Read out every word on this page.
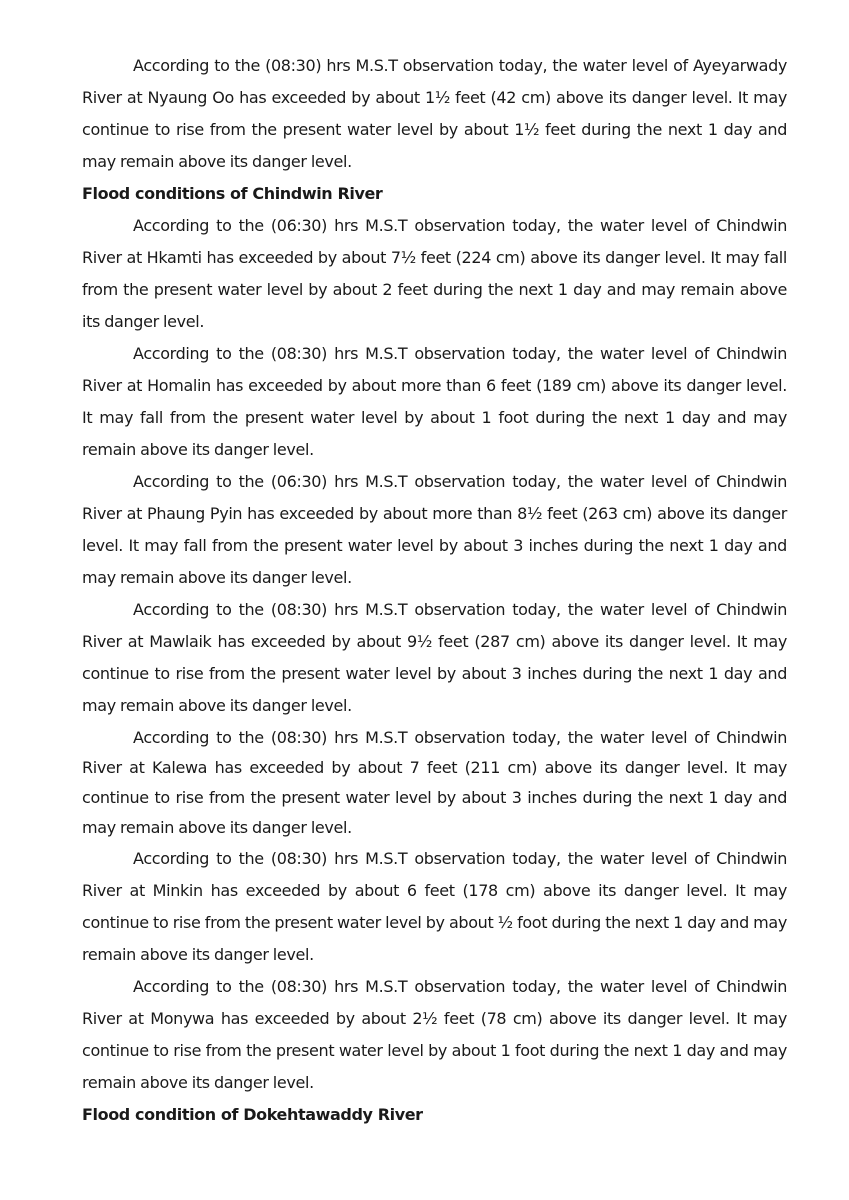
According to the (08:30) hrs M.S.T observation today, the water level of Ayeyarwady River at Nyaung Oo has exceeded by about 1½ feet (42 cm) above its danger level. It may continue to rise from the present water level by about 1½ feet during the next 1 day and may remain above its danger level.

Flood conditions of Chindwin River

According to the (06:30) hrs M.S.T observation today, the water level of Chindwin River at Hkamti has exceeded by about 7½ feet (224 cm) above its danger level. It may fall from the present water level by about 2 feet during the next 1 day and may remain above its danger level.

According to the (08:30) hrs M.S.T observation today, the water level of Chindwin River at Homalin has exceeded by about more than 6 feet (189 cm) above its danger level. It may fall from the present water level by about 1 foot during the next 1 day and may remain above its danger level.

According to the (06:30) hrs M.S.T observation today, the water level of Chindwin River at Phaung Pyin has exceeded by about more than 8½ feet (263 cm) above its danger level. It may fall from the present water level by about 3 inches during the next 1 day and may remain above its danger level.

According to the (08:30) hrs M.S.T observation today, the water level of Chindwin River at Mawlaik has exceeded by about 9½ feet (287 cm) above its danger level. It may continue to rise from the present water level by about 3 inches during the next 1 day and may remain above its danger level.

According to the (08:30) hrs M.S.T observation today, the water level of Chindwin River at Kalewa has exceeded by about 7 feet (211 cm) above its danger level. It may continue to rise from the present water level by about 3 inches during the next 1 day and may remain above its danger level.

According to the (08:30) hrs M.S.T observation today, the water level of Chindwin River at Minkin has exceeded by about 6 feet (178 cm) above its danger level. It may continue to rise from the present water level by about ½ foot during the next 1 day and may remain above its danger level.

According to the (08:30) hrs M.S.T observation today, the water level of Chindwin River at Monywa has exceeded by about 2½ feet (78 cm) above its danger level. It may continue to rise from the present water level by about 1 foot during the next 1 day and may remain above its danger level.

Flood condition of Dokehtawaddy River
